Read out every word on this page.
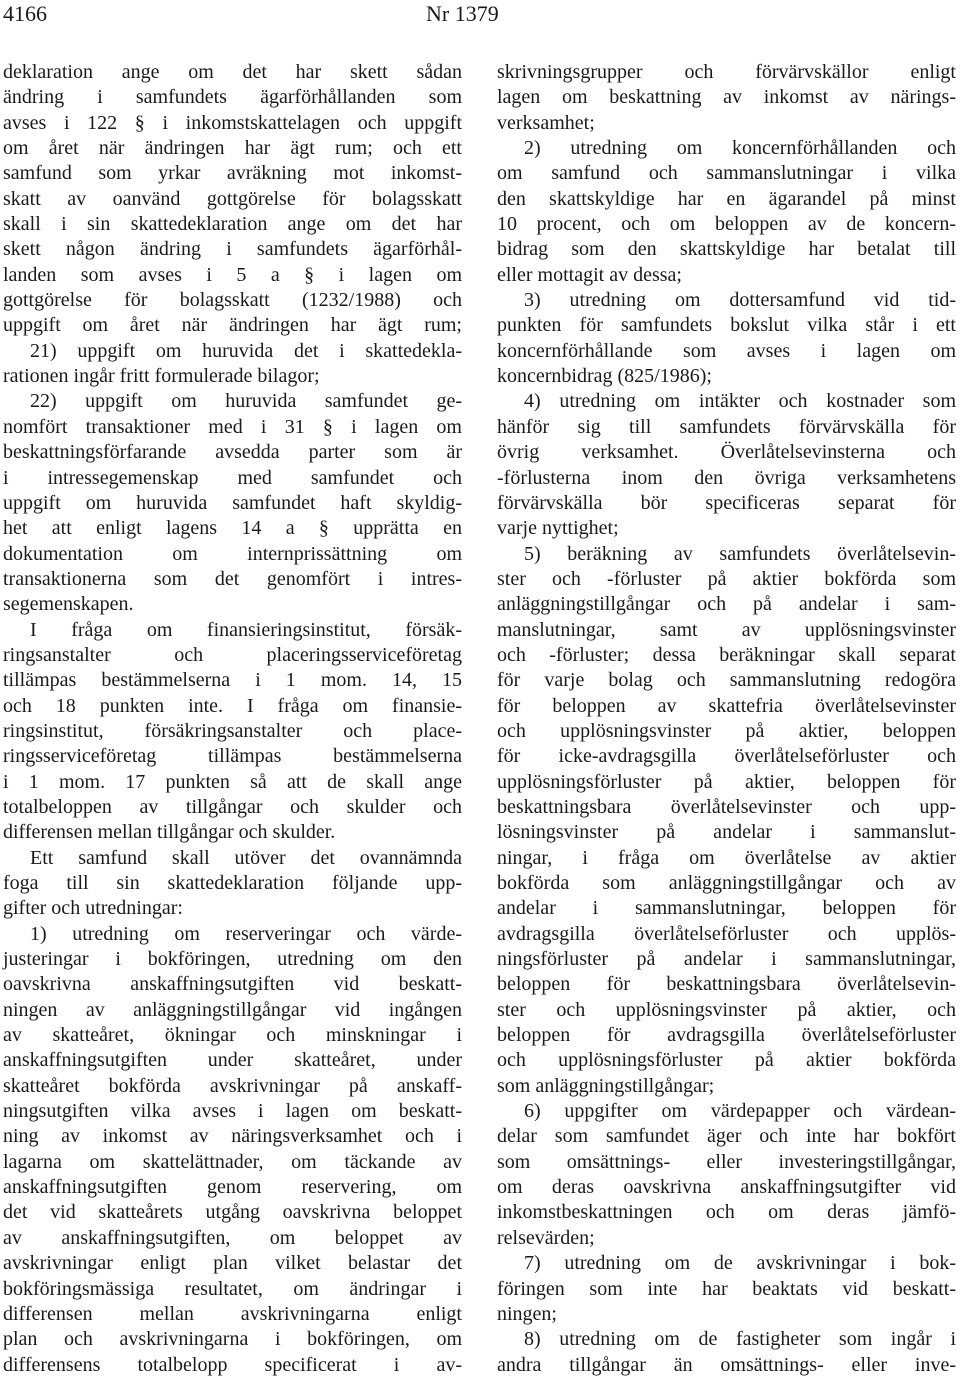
4166	Nr 1379
deklaration ange om det har skett sådan
ändring i samfundets ägarförhållanden som
avses i 122 § i inkomstskattelagen och uppgift
om året när ändringen har ägt rum; och ett
samfund som yrkar avräkning mot inkomst-
skatt av oanvänd gottgörelse för bolagsskatt
skall i sin skattedeklaration ange om det har
skett någon ändring i samfundets ägarförhål-
landen som avses i 5 a § i lagen om
gottgörelse för bolagsskatt (1232/1988) och
uppgift om året när ändringen har ägt rum;
21) uppgift om huruvida det i skattedekla-
rationen ingår fritt formulerade bilagor;
22) uppgift om huruvida samfundet ge-
nomfört transaktioner med i 31 § i lagen om
beskattningsförfarande avsedda parter som är
i intressegemenskap med samfundet och
uppgift om huruvida samfundet haft skyldig-
het att enligt lagens 14 a § upprätta en
dokumentation om internprissättning om
transaktionerna som det genomfört i intres-
segemenskapen.
I fråga om finansieringsinstitut, försäk-
ringsanstalter och placeringsserviceföretag
tillämpas bestämmelserna i 1 mom. 14, 15
och 18 punkten inte. I fråga om finansie-
ringsinstitut, försäkringsanstalter och place-
ringsserviceföretag tillämpas bestämmelserna
i 1 mom. 17 punkten så att de skall ange
totalbeloppen av tillgångar och skulder och
differensen mellan tillgångar och skulder.
Ett samfund skall utöver det ovannämnda
foga till sin skattedeklaration följande upp-
gifter och utredningar:
1) utredning om reserveringar och värde-
justeringar i bokföringen, utredning om den
oavskrivna anskaffningsutgiften vid beskatt-
ningen av anläggningstillgångar vid ingången
av skatteåret, ökningar och minskningar i
anskaffningsutgiften under skatteåret, under
skatteåret bokförda avskrivningar på anskaff-
ningsutgiften vilka avses i lagen om beskatt-
ning av inkomst av näringsverksamhet och i
lagarna om skattelättnader, om täckande av
anskaffningsutgiften genom reservering, om
det vid skatteårets utgång oavskrivna beloppet
av anskaffningsutgiften, om beloppet av
avskrivningar enligt plan vilket belastar det
bokföringsmässiga resultatet, om ändringar i
differensen mellan avskrivningarna enligt
plan och avskrivningarna i bokföringen, om
differensens totalbelopp specificerat i av-
skrivningsgrupper och förvärvskällor enligt
lagen om beskattning av inkomst av närings-
verksamhet;
2) utredning om koncernförhållanden och
om samfund och sammanslutningar i vilka
den skattskyldige har en ägarandel på minst
10 procent, och om beloppen av de koncern-
bidrag som den skattskyldige har betalat till
eller mottagit av dessa;
3) utredning om dottersamfund vid tid-
punkten för samfundets bokslut vilka står i ett
koncernförhållande som avses i lagen om
koncernbidrag (825/1986);
4) utredning om intäkter och kostnader som
hänför sig till samfundets förvärvskälla för
övrig verksamhet. Överlåtelsevinsterna och
-förlusterna inom den övriga verksamhetens
förvärvskälla bör specificeras separat för
varje nyttighet;
5) beräkning av samfundets överlåtelsevin-
ster och -förluster på aktier bokförda som
anläggningstillgångar och på andelar i sam-
manslutningar, samt av upplösningsvinster
och -förluster; dessa beräkningar skall separat
för varje bolag och sammanslutning redogöra
för beloppen av skattefria överlåtelsevinster
och upplösningsvinster på aktier, beloppen
för icke-avdragsgilla överlåtelseförluster och
upplösningsförluster på aktier, beloppen för
beskattningsbara överlåtelsevinster och upp-
lösningsvinster på andelar i sammanslut-
ningar, i fråga om överlåtelse av aktier
bokförda som anläggningstillgångar och av
andelar i sammanslutningar, beloppen för
avdragsgilla överlåtelseförluster och upplös-
ningsförluster på andelar i sammanslutningar,
beloppen för beskattningsbara överlåtelsevin-
ster och upplösningsvinster på aktier, och
beloppen för avdragsgilla överlåtelseförluster
och upplösningsförluster på aktier bokförda
som anläggningstillgångar;
6) uppgifter om värdepapper och värdean-
delar som samfundet äger och inte har bokfört
som omsättnings- eller investeringstillgångar,
om deras oavskrivna anskaffningsutgifter vid
inkomstbeskattningen och om deras jämfö-
relsevärden;
7) utredning om de avskrivningar i bok-
föringen som inte har beaktats vid beskatt-
ningen;
8) utredning om de fastigheter som ingår i
andra tillgångar än omsättnings- eller inve-
